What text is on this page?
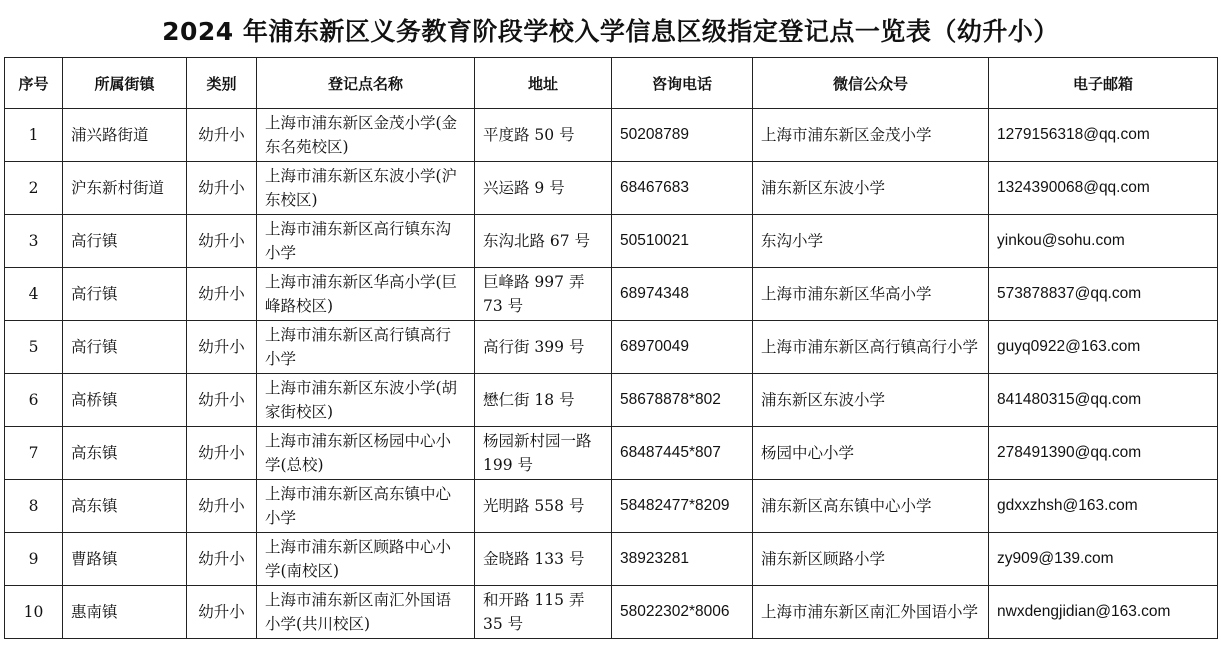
2024 年浦东新区义务教育阶段学校入学信息区级指定登记点一览表（幼升小）
序号	所属街镇	类别	登记点名称	地址	咨询电话	微信公众号	电子邮箱
1	浦兴路街道	幼升小	上海市浦东新区金茂小学(金东名苑校区)	平度路 50 号	50208789	上海市浦东新区金茂小学	1279156318@qq.com
2	沪东新村街道	幼升小	上海市浦东新区东波小学(沪东校区)	兴运路 9 号	68467683	浦东新区东波小学	1324390068@qq.com
3	高行镇	幼升小	上海市浦东新区高行镇东沟小学	东沟北路 67 号	50510021	东沟小学	yinkou@sohu.com
4	高行镇	幼升小	上海市浦东新区华高小学(巨峰路校区)	巨峰路 997 弄 73 号	68974348	上海市浦东新区华高小学	573878837@qq.com
5	高行镇	幼升小	上海市浦东新区高行镇高行小学	高行街 399 号	68970049	上海市浦东新区高行镇高行小学	guyq0922@163.com
6	高桥镇	幼升小	上海市浦东新区东波小学(胡家街校区)	懋仁街 18 号	58678878*802	浦东新区东波小学	841480315@qq.com
7	高东镇	幼升小	上海市浦东新区杨园中心小学(总校)	杨园新村园一路 199 号	68487445*807	杨园中心小学	278491390@qq.com
8	高东镇	幼升小	上海市浦东新区高东镇中心小学	光明路 558 号	58482477*8209	浦东新区高东镇中心小学	gdxxzhsh@163.com
9	曹路镇	幼升小	上海市浦东新区顾路中心小学(南校区)	金晓路 133 号	38923281	浦东新区顾路小学	zy909@139.com
10	惠南镇	幼升小	上海市浦东新区南汇外国语小学(共川校区)	和开路 115 弄 35 号	58022302*8006	上海市浦东新区南汇外国语小学	nwxdengjidian@163.com
